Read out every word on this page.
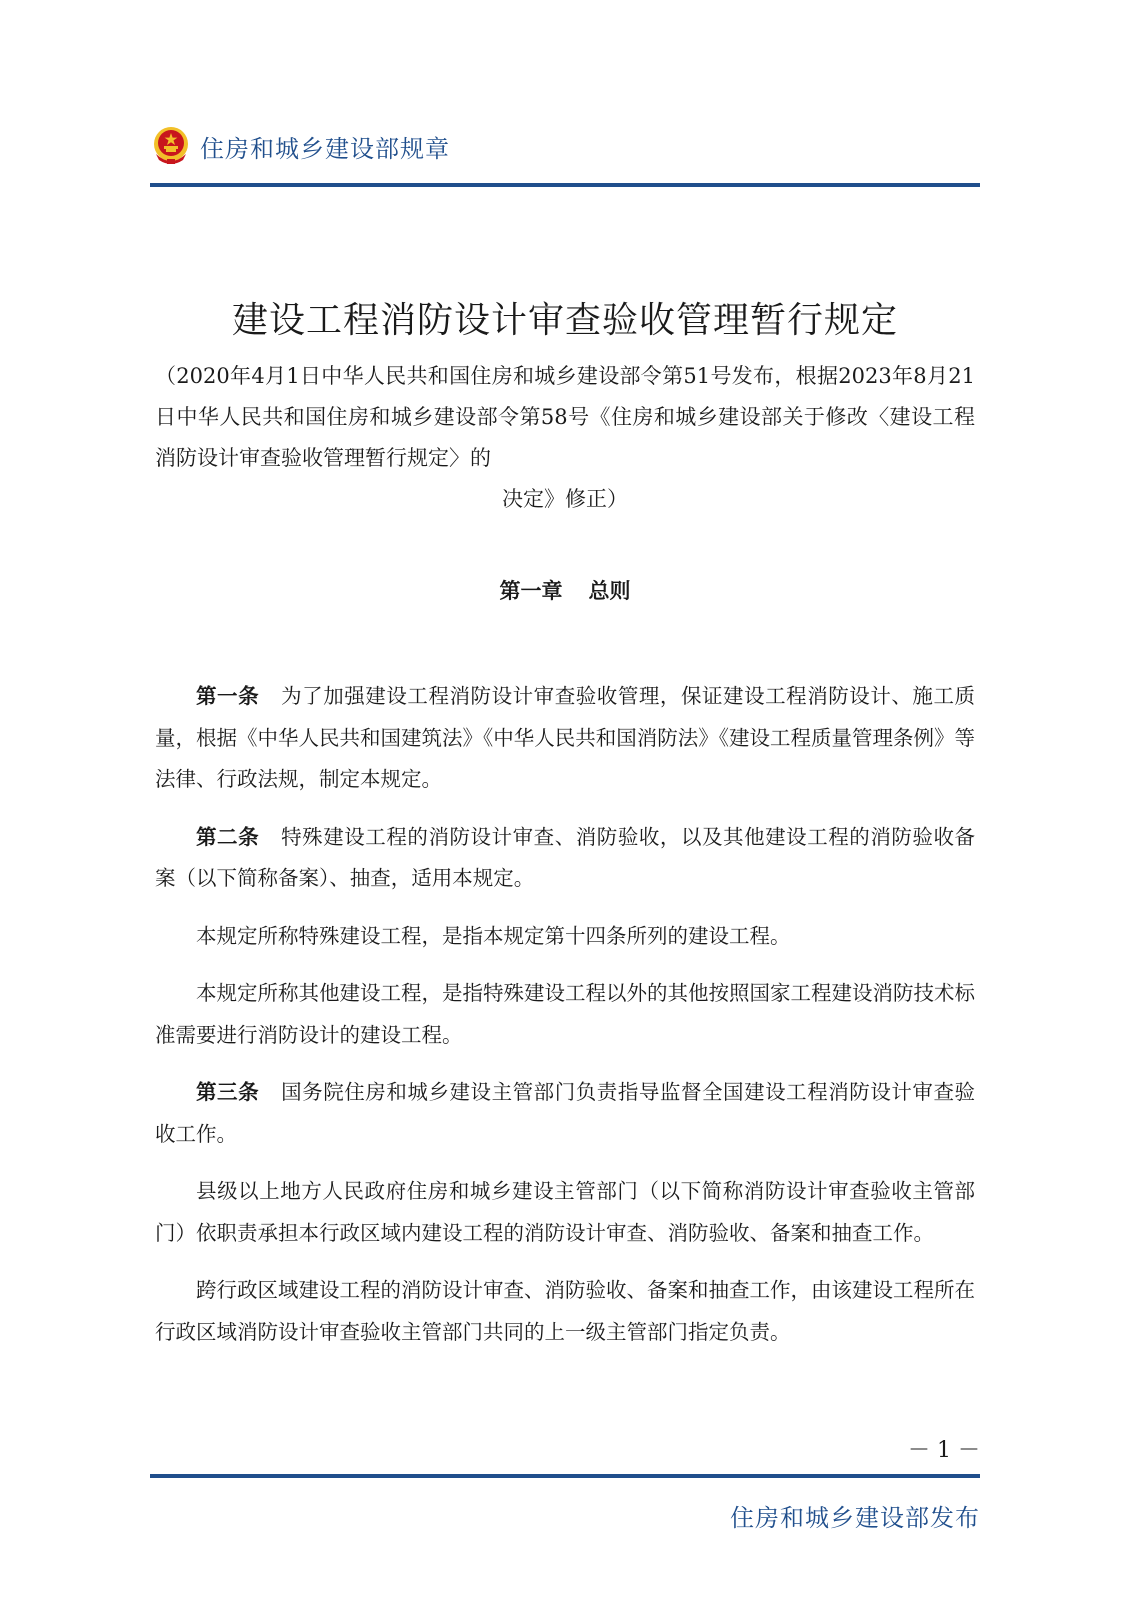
住房和城乡建设部规章
建设工程消防设计审查验收管理暂行规定
（2020年4月1日中华人民共和国住房和城乡建设部令第51号发布，根据2023年8月21日中华人民共和国住房和城乡建设部令第58号《住房和城乡建设部关于修改〈建设工程消防设计审查验收管理暂行规定〉的
决定》修正）
第一章 总则

第一条 为了加强建设工程消防设计审查验收管理，保证建设工程消防设计、施工质量，根据《中华人民共和国建筑法》《中华人民共和国消防法》《建设工程质量管理条例》等法律、行政法规，制定本规定。

第二条 特殊建设工程的消防设计审查、消防验收，以及其他建设工程的消防验收备案（以下简称备案）、抽查，适用本规定。

本规定所称特殊建设工程，是指本规定第十四条所列的建设工程。

本规定所称其他建设工程，是指特殊建设工程以外的其他按照国家工程建设消防技术标准需要进行消防设计的建设工程。

第三条 国务院住房和城乡建设主管部门负责指导监督全国建设工程消防设计审查验收工作。

县级以上地方人民政府住房和城乡建设主管部门（以下简称消防设计审查验收主管部门）依职责承担本行政区域内建设工程的消防设计审查、消防验收、备案和抽查工作。

跨行政区域建设工程的消防设计审查、消防验收、备案和抽查工作，由该建设工程所在行政区域消防设计审查验收主管部门共同的上一级主管部门指定负责。

－ 1 －
住房和城乡建设部发布
